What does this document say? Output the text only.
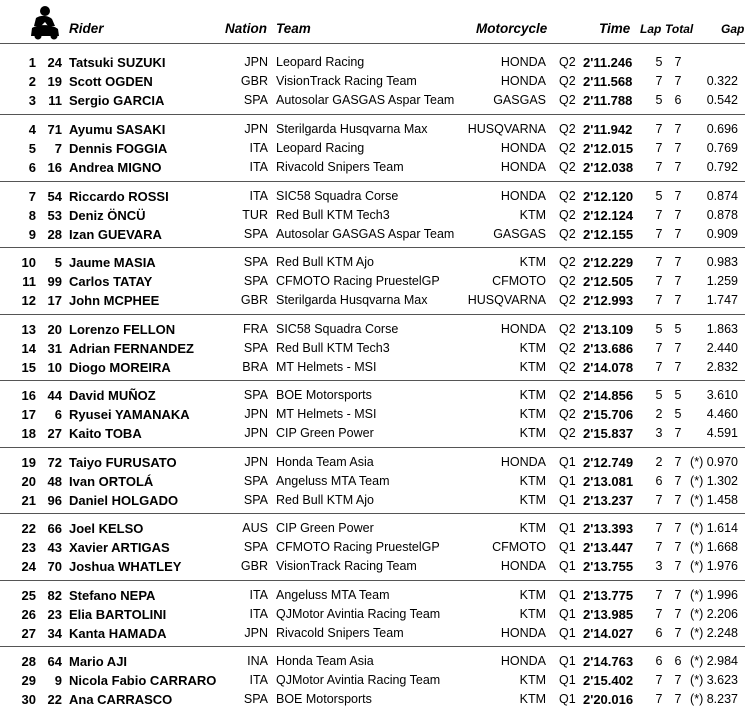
Rider	Nation Team	Motorcycle	Time Lap Total Gap
1 24 Tatsuki SUZUKI	JPN Leopard Racing	HONDA Q2 2'11.246 5 7
2 19 Scott OGDEN	GBR VisionTrack Racing Team	HONDA Q2 2'11.568 7 7	0.322
3 11 Sergio GARCIA	SPA Autosolar GASGAS Aspar Team	GASGAS Q2 2'11.788 5 6	0.542
4 71 Ayumu SASAKI	JPN Sterilgarda Husqvarna Max	HUSQVARNA Q2 2'11.942 7 7	0.696
5	7 Dennis FOGGIA	ITA Leopard Racing	HONDA Q2 2'12.015 7 7	0.769
6 16 Andrea MIGNO	ITA Rivacold Snipers Team	HONDA Q2 2'12.038 7 7	0.792
7 54 Riccardo ROSSI	ITA SIC58 Squadra Corse	HONDA Q2 2'12.120 5 7	0.874
8 53 Deniz ÖNCÜ	TUR Red Bull KTM Tech3	KTM Q2 2'12.124 7 7	0.878
9 28 Izan GUEVARA	SPA Autosolar GASGAS Aspar Team	GASGAS Q2 2'12.155 7 7	0.909
10	5 Jaume MASIA	SPA Red Bull KTM Ajo	KTM Q2 2'12.229 7 7	0.983
11 99 Carlos TATAY	SPA CFMOTO Racing PruestelGP	CFMOTO Q2 2'12.505 7 7	1.259
12 17 John MCPHEE	GBR Sterilgarda Husqvarna Max	HUSQVARNA Q2 2'12.993 7 7	1.747
13 20 Lorenzo FELLON	FRA SIC58 Squadra Corse	HONDA Q2 2'13.109 5 5	1.863
14 31 Adrian FERNANDEZ	SPA Red Bull KTM Tech3	KTM Q2 2'13.686 7 7	2.440
15 10 Diogo MOREIRA	BRA MT Helmets - MSI	KTM Q2 2'14.078 7 7	2.832
16 44 David MUÑOZ	SPA BOE Motorsports	KTM Q2 2'14.856 5 5	3.610
17	6 Ryusei YAMANAKA	JPN MT Helmets - MSI	KTM Q2 2'15.706 2 5	4.460
18 27 Kaito TOBA	JPN CIP Green Power	KTM Q2 2'15.837 3 7	4.591
19 72 Taiyo FURUSATO	JPN Honda Team Asia	HONDA Q1 2'12.749 2 7 (*) 0.970
20 48 Ivan ORTOLÁ	SPA Angeluss MTA Team	KTM Q1 2'13.081 6 7 (*) 1.302
21 96 Daniel HOLGADO	SPA Red Bull KTM Ajo	KTM Q1 2'13.237 7 7 (*) 1.458
22 66 Joel KELSO	AUS CIP Green Power	KTM Q1 2'13.393 7 7 (*) 1.614
23 43 Xavier ARTIGAS	SPA CFMOTO Racing PruestelGP	CFMOTO Q1 2'13.447 7 7 (*) 1.668
24 70 Joshua WHATLEY	GBR VisionTrack Racing Team	HONDA Q1 2'13.755 3 7 (*) 1.976
25 82 Stefano NEPA	ITA Angeluss MTA Team	KTM Q1 2'13.775 7 7 (*) 1.996
26 23 Elia BARTOLINI	ITA QJMotor Avintia Racing Team	KTM Q1 2'13.985 7 7 (*) 2.206
27 34 Kanta HAMADA	JPN Rivacold Snipers Team	HONDA Q1 2'14.027 6 7 (*) 2.248
28 64 Mario AJI	INA Honda Team Asia	HONDA Q1 2'14.763 6 6 (*) 2.984
29	9 Nicola Fabio CARRARO	ITA QJMotor Avintia Racing Team	KTM Q1 2'15.402 7 7 (*) 3.623
30 22 Ana CARRASCO	SPA BOE Motorsports	KTM Q1 2'20.016 7 7 (*) 8.237
